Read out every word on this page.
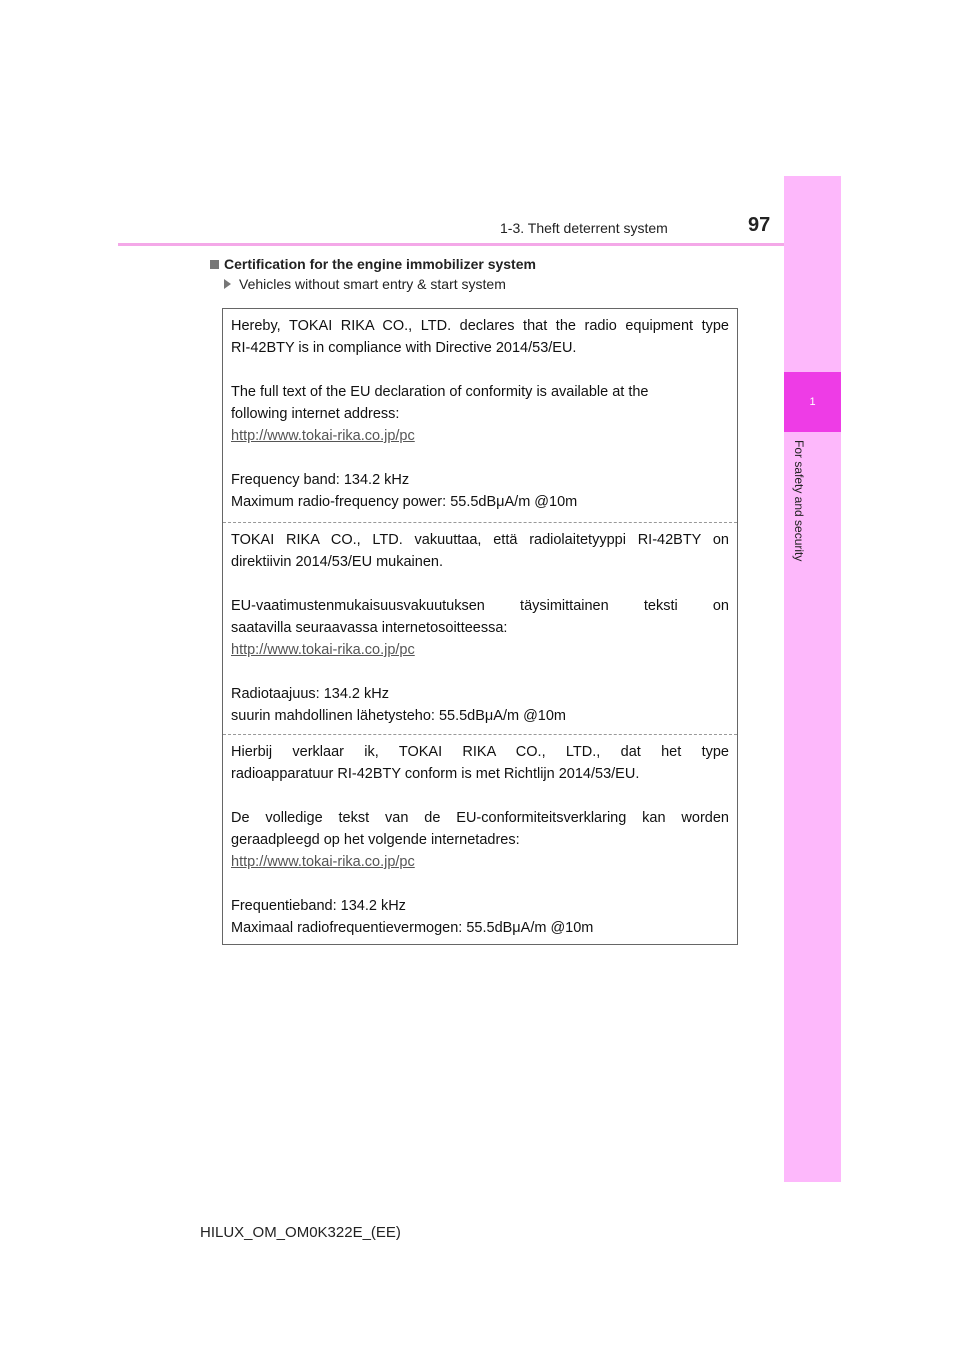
1-3. Theft deterrent system	97
1
For safety and security
Certification for the engine immobilizer system
Vehicles without smart entry & start system

Hereby, TOKAI RIKA CO., LTD. declares that the radio equipment type

RI-42BTY is in compliance with Directive 2014/53/EU.

The full text of the EU declaration of conformity is available at the

following internet address:

http://www.tokai-rika.co.jp/pc

Frequency band: 134.2 kHz

Maximum radio-frequency power: 55.5dBμA/m @10m

TOKAI RIKA CO., LTD. vakuuttaa, että radiolaitetyyppi RI-42BTY on

direktiivin 2014/53/EU mukainen.

EU-vaatimustenmukaisuusvakuutuksen täysimittainen teksti on

saatavilla seuraavassa internetosoitteessa:

http://www.tokai-rika.co.jp/pc

Radiotaajuus: 134.2 kHz

suurin mahdollinen lähetysteho: 55.5dBμA/m @10m

Hierbij verklaar ik, TOKAI RIKA CO., LTD., dat het type

radioapparatuur RI-42BTY conform is met Richtlijn 2014/53/EU.

De volledige tekst van de EU-conformiteitsverklaring kan worden

geraadpleegd op het volgende internetadres:

http://www.tokai-rika.co.jp/pc

Frequentieband: 134.2 kHz

Maximaal radiofrequentievermogen: 55.5dBμA/m @10m

HILUX_OM_OM0K322E_(EE)
